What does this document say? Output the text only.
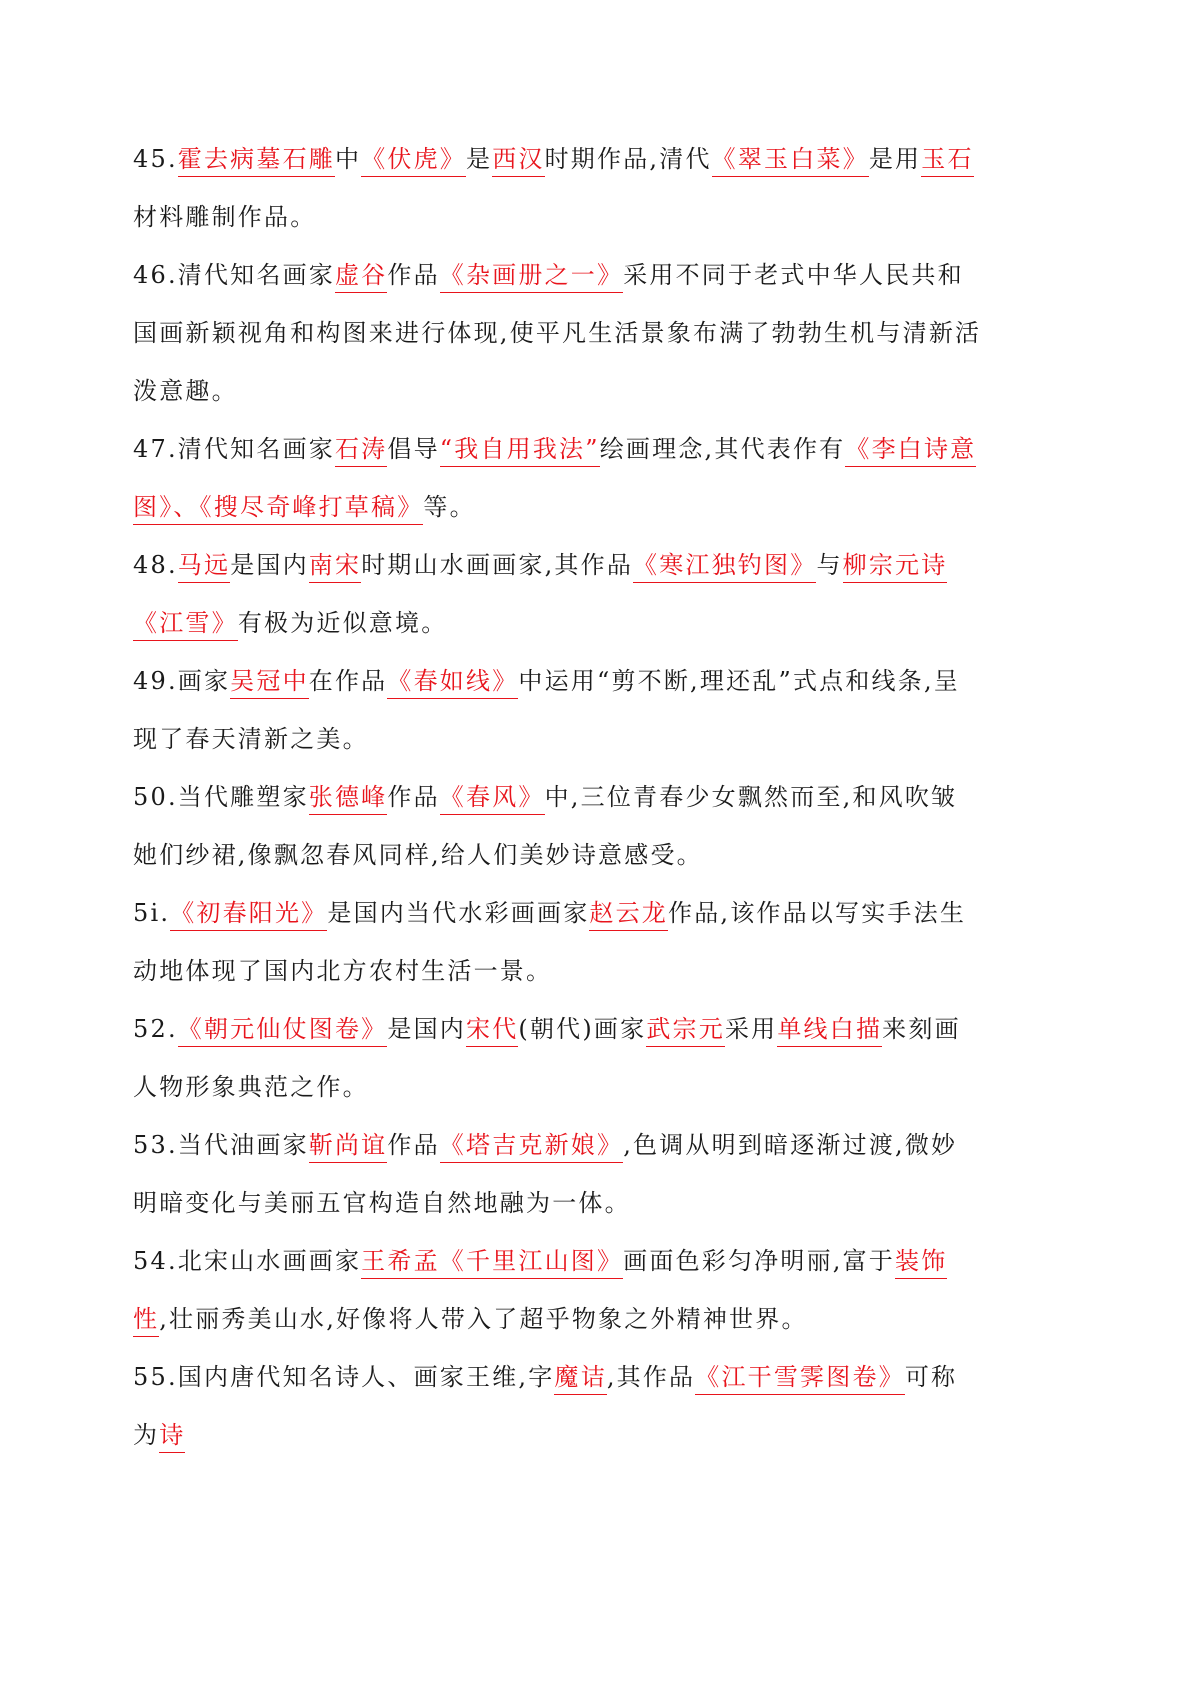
45.霍去病墓石雕中《伏虎》是西汉时期作品,清代《翠玉白菜》是用玉石材料雕制作品。

46.清代知名画家虚谷作品《杂画册之一》采用不同于老式中华人民共和国画新颖视角和构图来进行体现,使平凡生活景象布满了勃勃生机与清新活泼意趣。

47.清代知名画家石涛倡导“我自用我法”绘画理念,其代表作有《李白诗意图》、《搜尽奇峰打草稿》等。

48.马远是国内南宋时期山水画画家,其作品《寒江独钓图》与柳宗元诗《江雪》有极为近似意境。

49.画家吴冠中在作品《春如线》中运用“剪不断,理还乱”式点和线条,呈现了春天清新之美。

50.当代雕塑家张德峰作品《春风》中,三位青春少女飘然而至,和风吹皱她们纱裙,像飘忽春风同样,给人们美妙诗意感受。

5i.《初春阳光》是国内当代水彩画画家赵云龙作品,该作品以写实手法生动地体现了国内北方农村生活一景。

52.《朝元仙仗图卷》是国内宋代(朝代)画家武宗元采用单线白描来刻画人物形象典范之作。

53.当代油画家靳尚谊作品《塔吉克新娘》,色调从明到暗逐渐过渡,微妙明暗变化与美丽五官构造自然地融为一体。

54.北宋山水画画家王希孟《千里江山图》画面色彩匀净明丽,富于装饰性,壮丽秀美山水,好像将人带入了超乎物象之外精神世界。

55.国内唐代知名诗人、画家王维,字魔诘,其作品《江干雪霁图卷》可称为诗
